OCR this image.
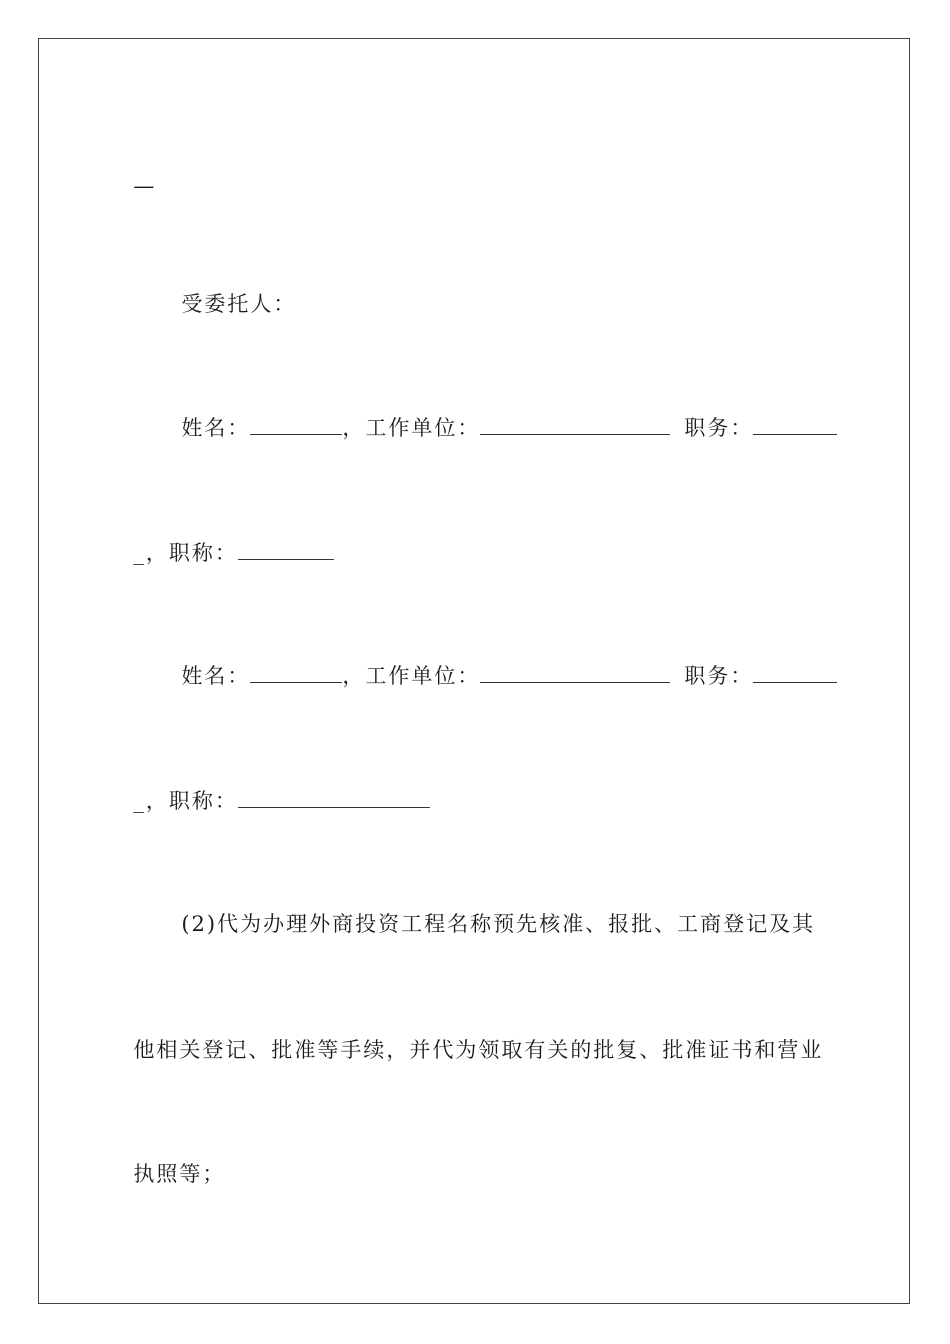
—

受委托人：

姓名：	，工作单位：	职务：

_，职称：

姓名：	，工作单位：	职务：

_，职称：

(2)代为办理外商投资工程名称预先核准、报批、工商登记及其

他相关登记、批准等手续，并代为领取有关的批复、批准证书和营业

执照等；
